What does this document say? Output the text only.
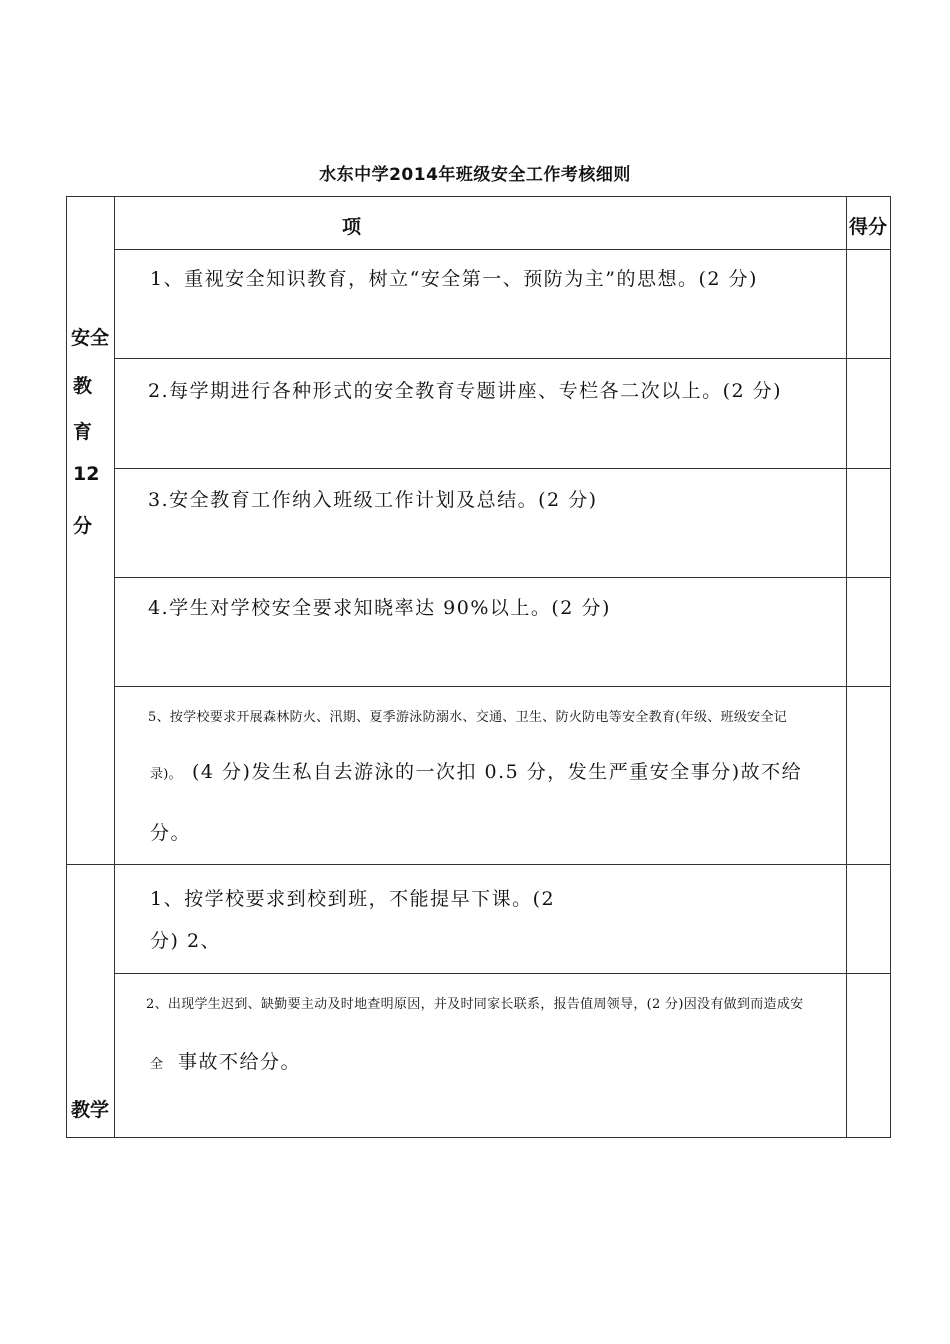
水东中学2014年班级安全工作考核细则
项	得分
安全
教
育
12
分
1、重视安全知识教育，树立“安全第一、预防为主”的思想。(2 分)
2.每学期进行各种形式的安全教育专题讲座、专栏各二次以上。(2 分)
3.安全教育工作纳入班级工作计划及总结。(2 分)
4.学生对学校安全要求知晓率达 90%以上。(2 分)
5、按学校要求开展森林防火、汛期、夏季游泳防溺水、交通、卫生、防火防电等安全教育(年级、班级安全记
录)。 (4 分)发生私自去游泳的一次扣 0.5 分，发生严重安全事分)故不给
分。
教学
1、按学校要求到校到班，不能提早下课。(2
分) 2、
2、出现学生迟到、缺勤要主动及时地查明原因，并及时同家长联系，报告值周领导，(2 分)因没有做到而造成安
全 事故不给分。
